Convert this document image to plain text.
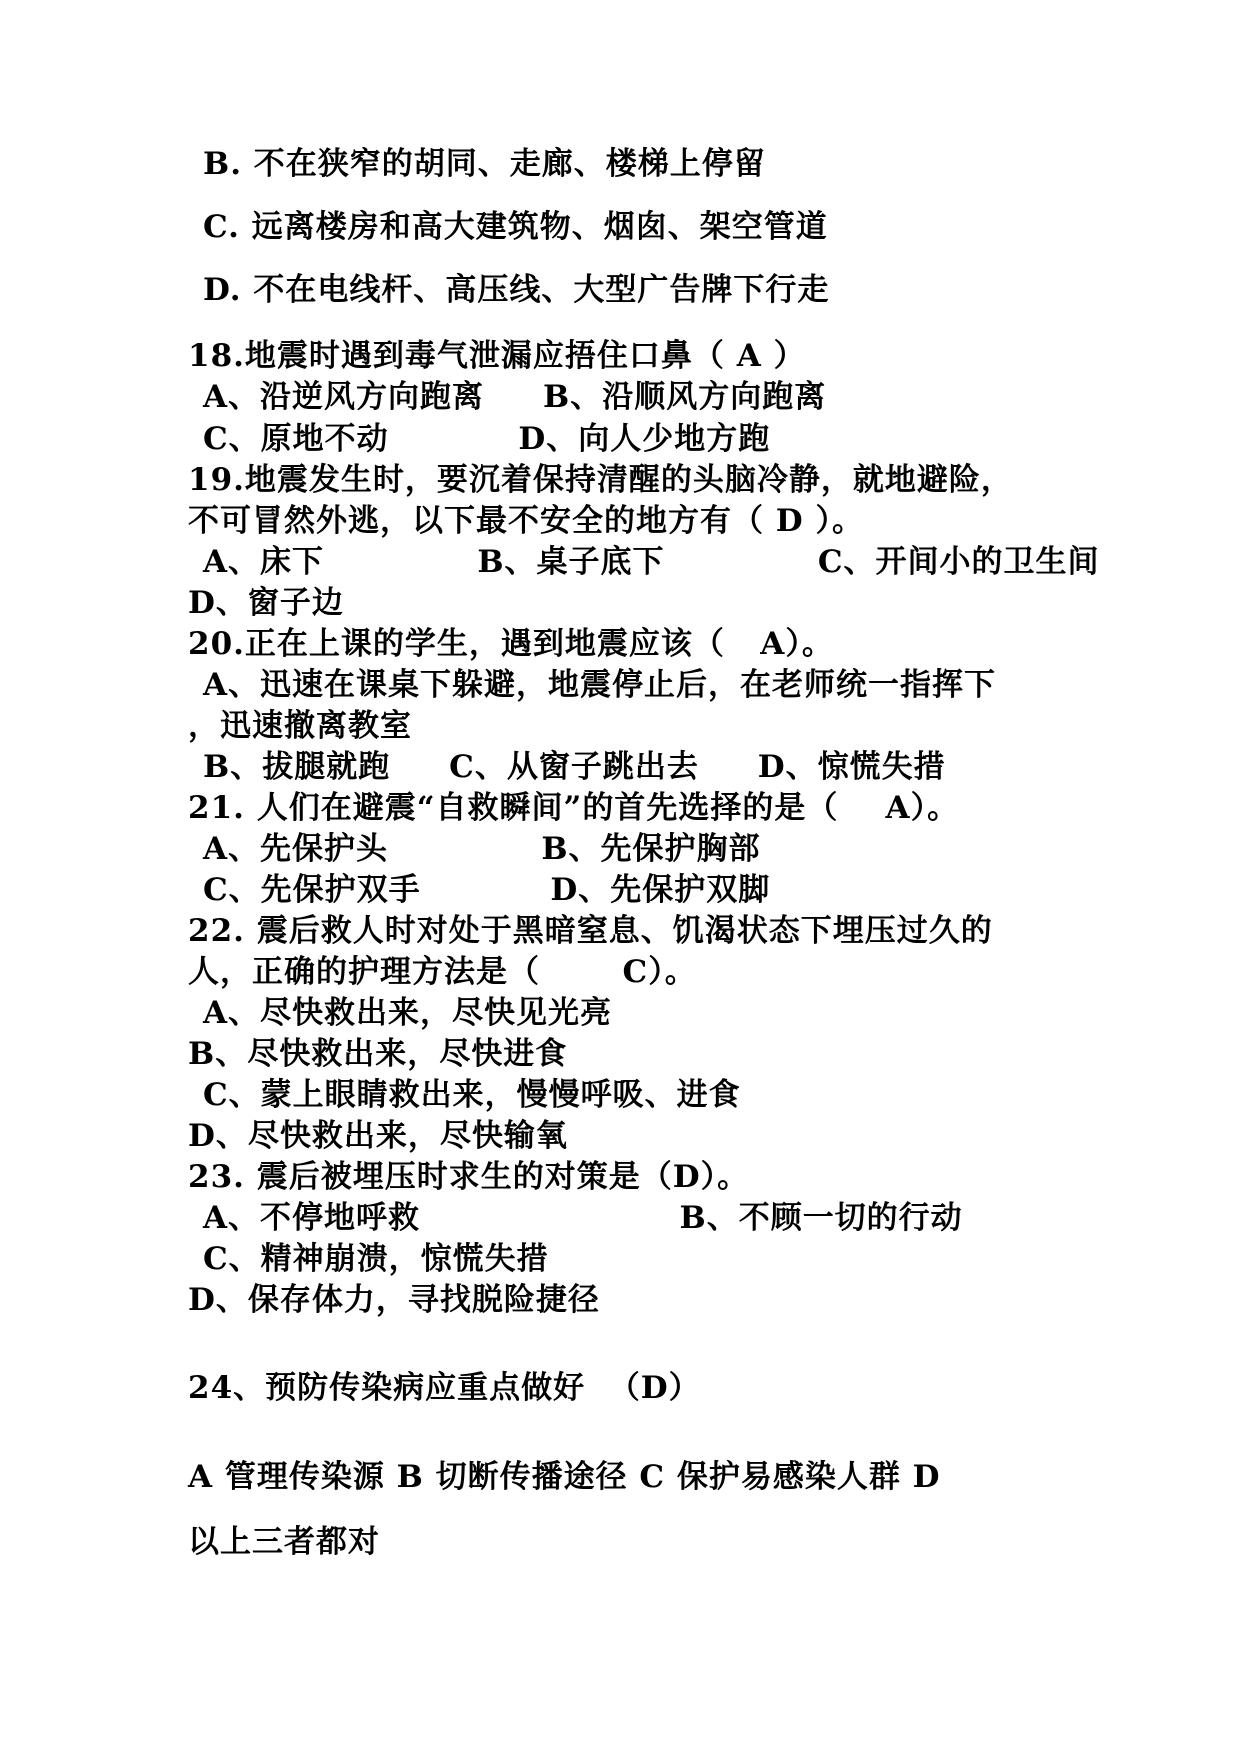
B. 不在狭窄的胡同、走廊、楼梯上停留
C. 远离楼房和高大建筑物、烟囱、架空管道
D. 不在电线杆、高压线、大型广告牌下行走
18.地震时遇到毒气泄漏应捂住口鼻（ A ）
A、沿逆风方向跑离     B、沿顺风方向跑离
C、原地不动           D、向人少地方跑
19.地震发生时，要沉着保持清醒的头脑冷静，就地避险，
不可冒然外逃，以下最不安全的地方有（ D ）。
A、床下             B、桌子底下             C、开间小的卫生间
D、窗子边
20.正在上课的学生，遇到地震应该（   A）。
A、迅速在课桌下躲避，地震停止后，在老师统一指挥下
，迅速撤离教室
B、拔腿就跑     C、从窗子跳出去     D、惊慌失措
21. 人们在避震“自救瞬间”的首先选择的是（    A）。
A、先保护头             B、先保护胸部
C、先保护双手           D、先保护双脚
22. 震后救人时对处于黑暗窒息、饥渴状态下埋压过久的
人，正确的护理方法是（       C）。
A、尽快救出来，尽快见光亮
B、尽快救出来，尽快进食
C、蒙上眼睛救出来，慢慢呼吸、进食
D、尽快救出来，尽快输氧
23. 震后被埋压时求生的对策是（D）。
A、不停地呼救                      B、不顾一切的行动
C、精神崩溃，惊慌失措
D、保存体力，寻找脱险捷径
24、预防传染病应重点做好  （D）
A 管理传染源 B 切断传播途径 C 保护易感染人群 D
以上三者都对
